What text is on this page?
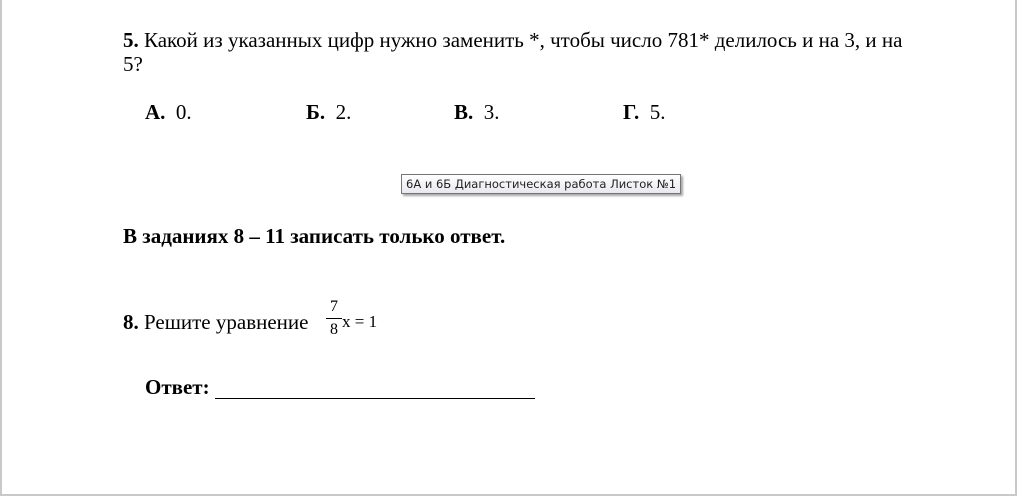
5. Какой из указанных цифр нужно заменить *, чтобы число 781* делилось и на 3, и на
5?
А. 0.	Б. 2.	В. 3.	Г. 5.
6А и 6Б Диагностическая работа Листок №1
В заданиях 8 – 11 записать только ответ.
8. Решите уравнение
7
8 x = 1
Ответ:
